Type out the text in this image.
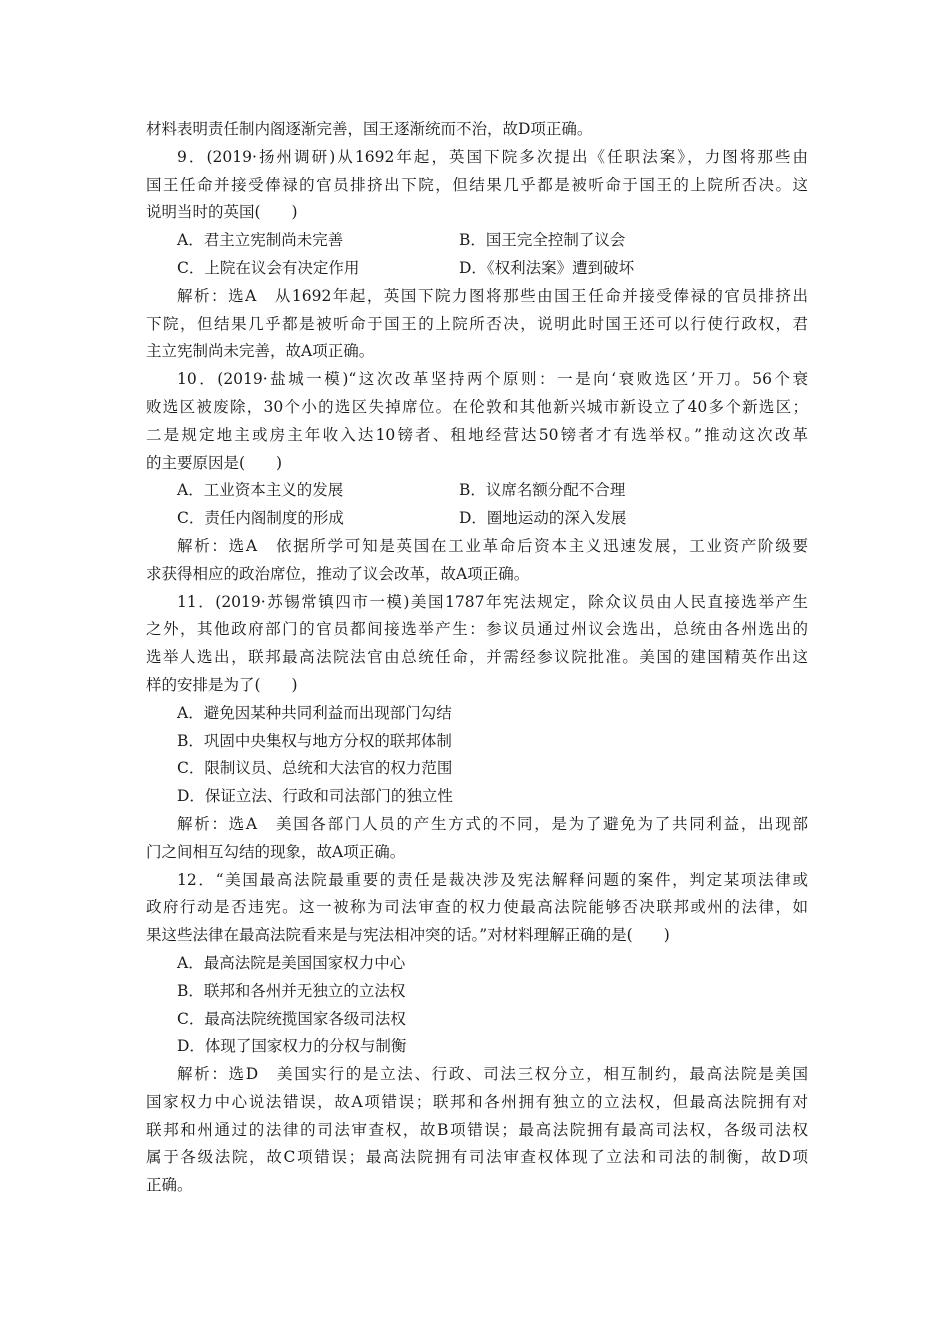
材料表明责任制内阁逐渐完善，国王逐渐统而不治，故D项正确。
9．(2019·扬州调研)从1692年起，英国下院多次提出《任职法案》，力图将那些由
国王任命并接受俸禄的官员排挤出下院，但结果几乎都是被听命于国王的上院所否决。这
说明当时的英国(　　)
A．君主立宪制尚未完善	B．国王完全控制了议会
C．上院在议会有决定作用	D．《权利法案》遭到破坏
解析：选A　从1692年起，英国下院力图将那些由国王任命并接受俸禄的官员排挤出
下院，但结果几乎都是被听命于国王的上院所否决，说明此时国王还可以行使行政权，君
主立宪制尚未完善，故A项正确。
10．(2019·盐城一模)“这次改革坚持两个原则：一是向‘衰败选区’开刀。56个衰
败选区被废除，30个小的选区失掉席位。在伦敦和其他新兴城市新设立了40多个新选区；
二是规定地主或房主年收入达10镑者、租地经营达50镑者才有选举权。”推动这次改革
的主要原因是(　　)
A．工业资本主义的发展	B．议席名额分配不合理
C．责任内阁制度的形成	D．圈地运动的深入发展
解析：选A　依据所学可知是英国在工业革命后资本主义迅速发展，工业资产阶级要
求获得相应的政治席位，推动了议会改革，故A项正确。
11．(2019·苏锡常镇四市一模)美国1787年宪法规定，除众议员由人民直接选举产生
之外，其他政府部门的官员都间接选举产生：参议员通过州议会选出，总统由各州选出的
选举人选出，联邦最高法院法官由总统任命，并需经参议院批准。美国的建国精英作出这
样的安排是为了(　　)
A．避免因某种共同利益而出现部门勾结
B．巩固中央集权与地方分权的联邦体制
C．限制议员、总统和大法官的权力范围
D．保证立法、行政和司法部门的独立性
解析：选A　美国各部门人员的产生方式的不同，是为了避免为了共同利益，出现部
门之间相互勾结的现象，故A项正确。
12．“美国最高法院最重要的责任是裁决涉及宪法解释问题的案件，判定某项法律或
政府行动是否违宪。这一被称为司法审查的权力使最高法院能够否决联邦或州的法律，如
果这些法律在最高法院看来是与宪法相冲突的话。”对材料理解正确的是(　　)
A．最高法院是美国国家权力中心
B．联邦和各州并无独立的立法权
C．最高法院统揽国家各级司法权
D．体现了国家权力的分权与制衡
解析：选D　美国实行的是立法、行政、司法三权分立，相互制约，最高法院是美国
国家权力中心说法错误，故A项错误；联邦和各州拥有独立的立法权，但最高法院拥有对
联邦和州通过的法律的司法审查权，故B项错误；最高法院拥有最高司法权，各级司法权
属于各级法院，故C项错误；最高法院拥有司法审查权体现了立法和司法的制衡，故D项
正确。
